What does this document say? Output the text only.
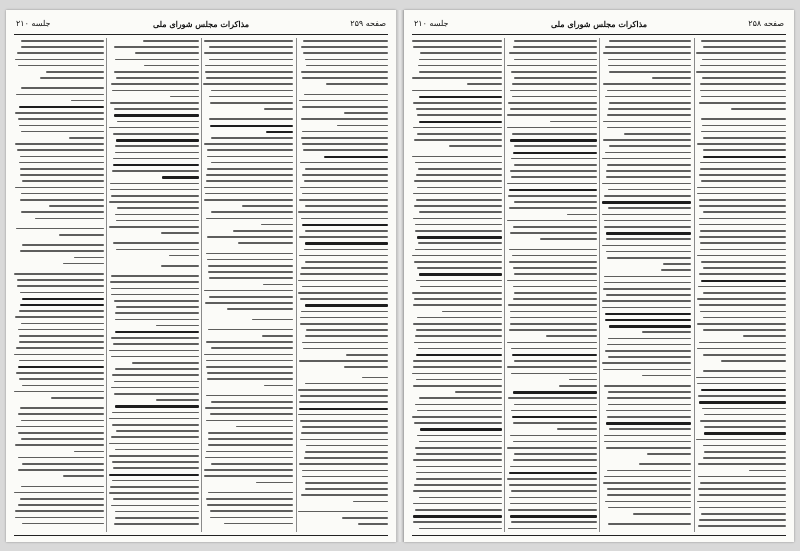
جلسه ۲۱۰	مذاکرات مجلس شورای ملی	صفحه ۲۵۹	جلسه ۲۱۰	مذاکرات مجلس شورای ملی	صفحه ۲۵۸
